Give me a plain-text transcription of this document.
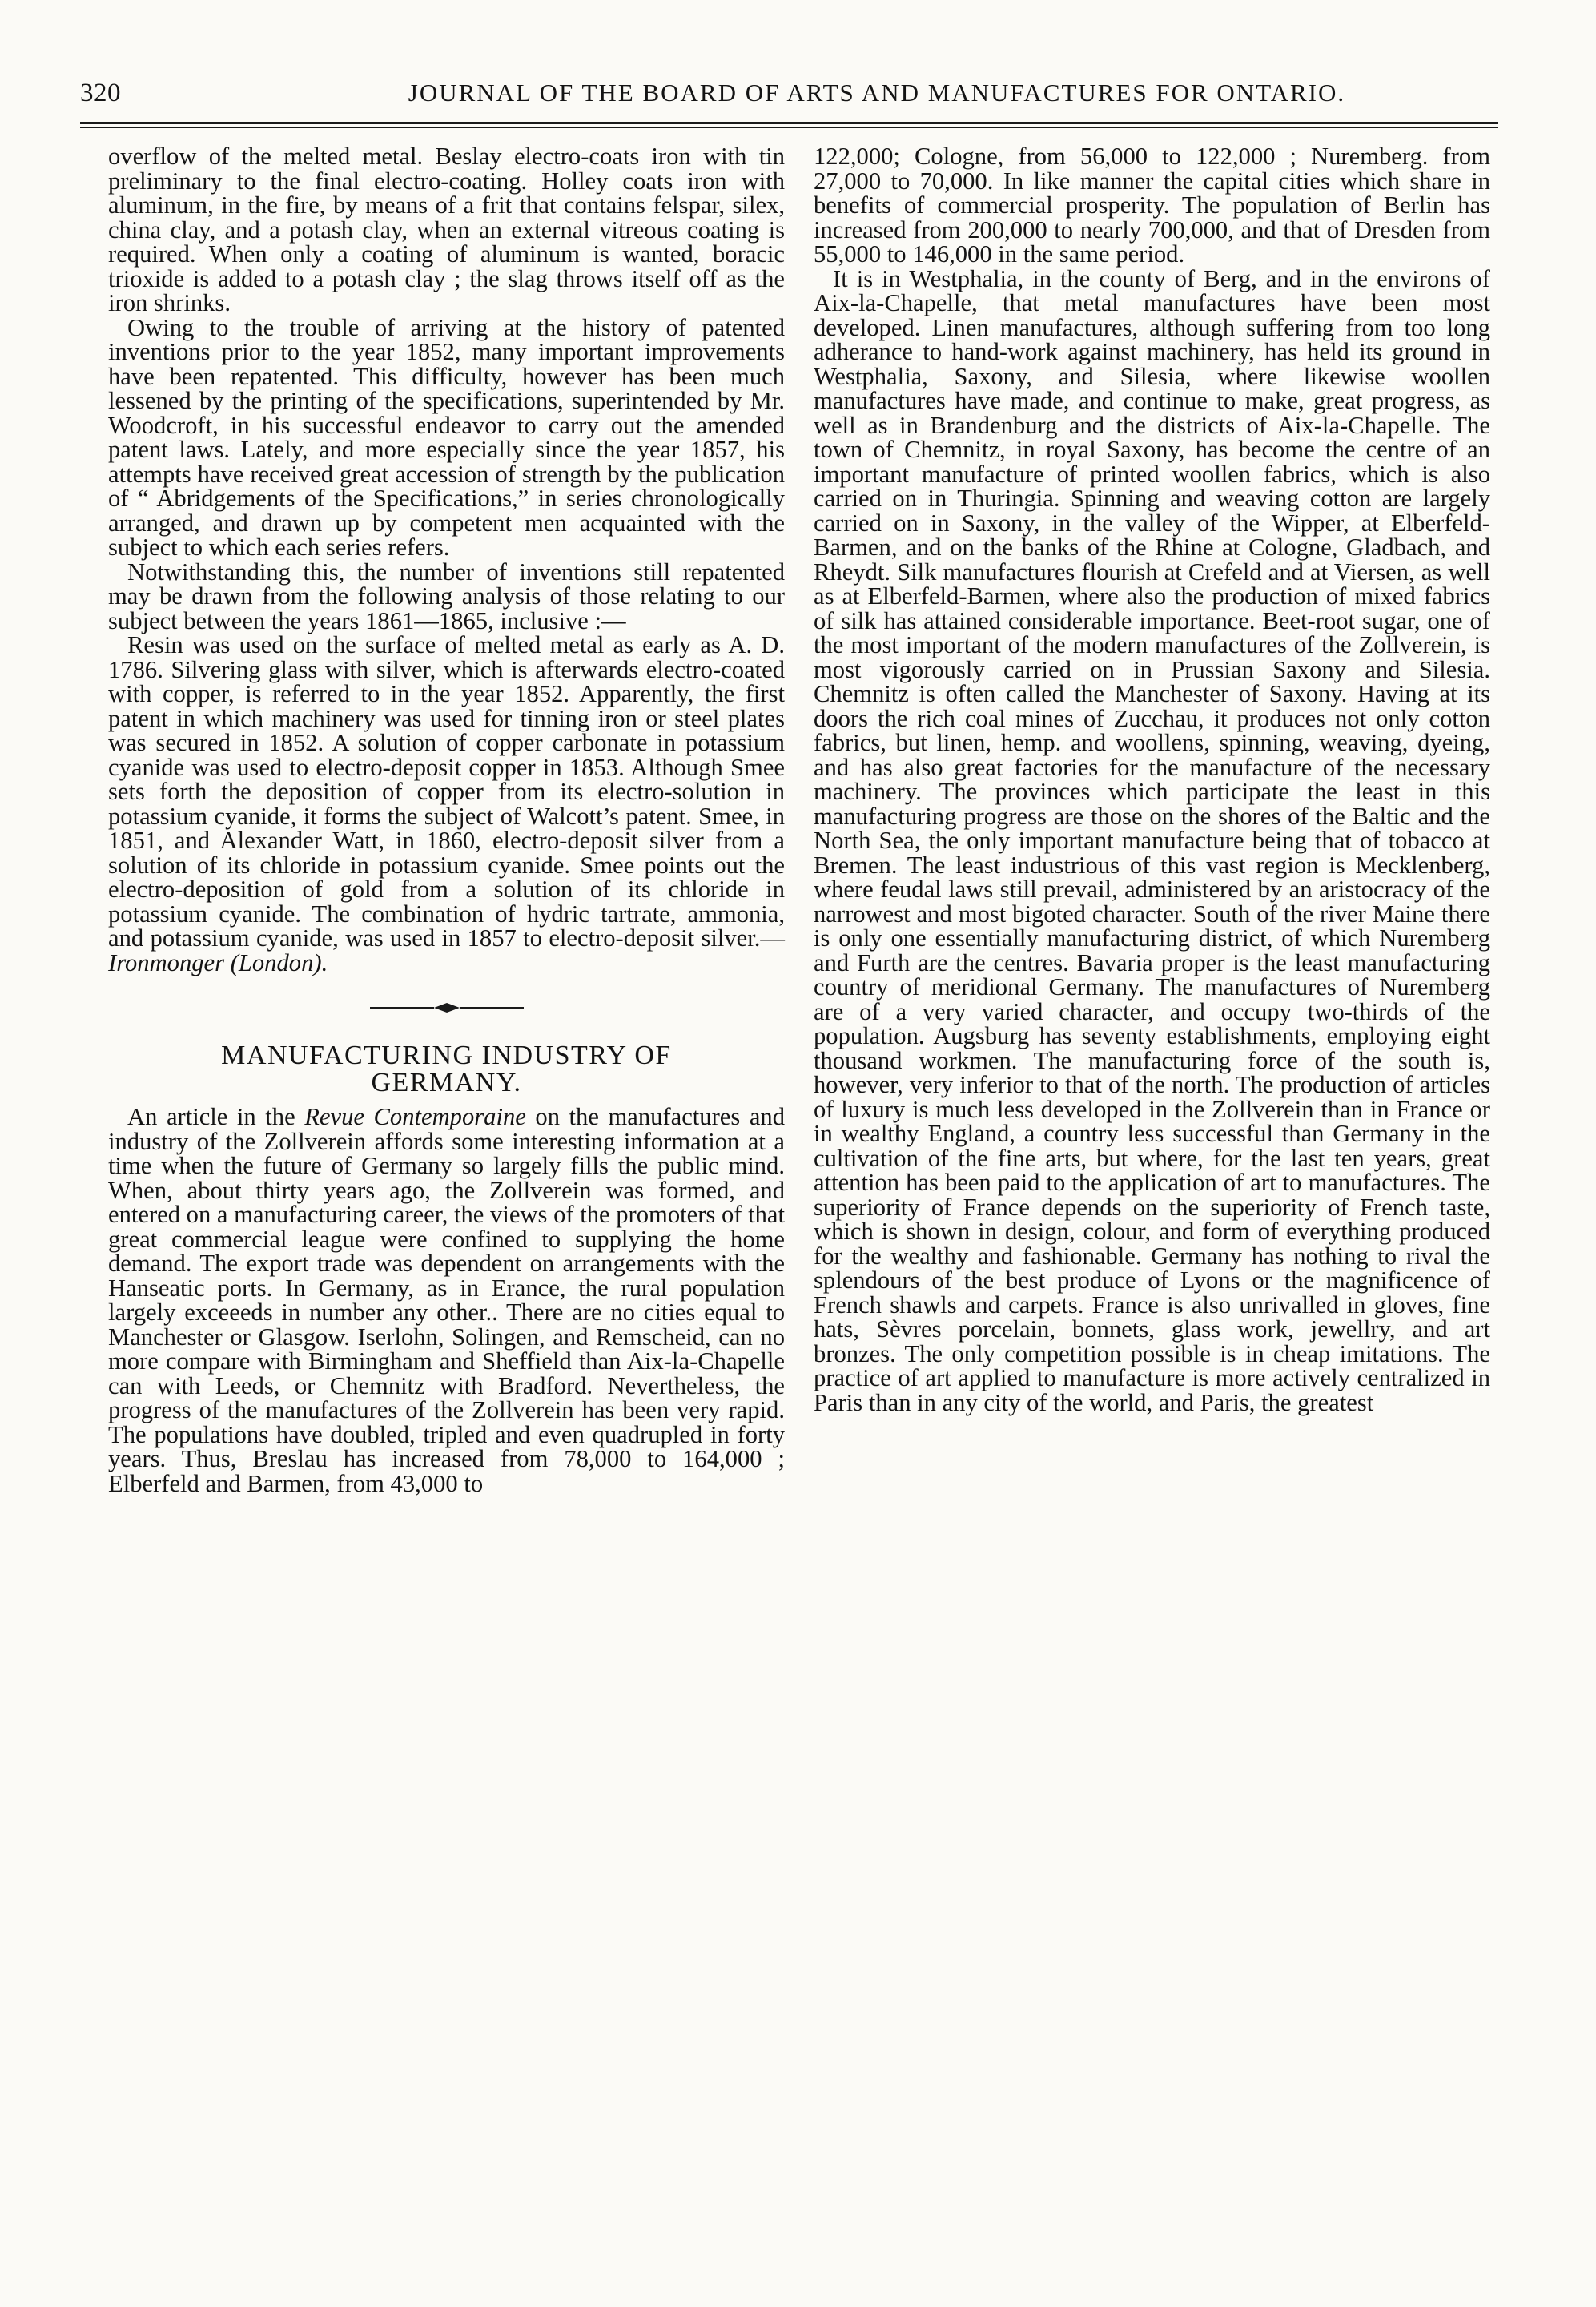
320	JOURNAL OF THE BOARD OF ARTS AND MANUFACTURES FOR ONTARIO.

overflow of the melted metal. Beslay electro-coats iron with tin preliminary to the final electro-coating. Holley coats iron with aluminum, in the fire, by means of a frit that contains felspar, silex, china clay, and a potash clay, when an external vitreous coating is required. When only a coating of aluminum is wanted, boracic trioxide is added to a potash clay ; the slag throws itself off as the iron shrinks.

Owing to the trouble of arriving at the history of patented inventions prior to the year 1852, many important improvements have been repatented. This difficulty, however has been much lessened by the printing of the specifications, superintended by Mr. Woodcroft, in his successful endeavor to carry out the amended patent laws. Lately, and more especially since the year 1857, his attempts have received great accession of strength by the publication of “ Abridgements of the Specifications,” in series chronologically arranged, and drawn up by competent men acquainted with the subject to which each series refers.

Notwithstanding this, the number of inventions still repatented may be drawn from the following analysis of those relating to our subject between the years 1861—1865, inclusive :—

Resin was used on the surface of melted metal as early as A. D. 1786. Silvering glass with silver, which is afterwards electro-coated with copper, is referred to in the year 1852. Apparently, the first patent in which machinery was used for tinning iron or steel plates was secured in 1852. A solution of copper carbonate in potassium cyanide was used to electro-deposit copper in 1853. Although Smee sets forth the deposition of copper from its electro-solution in potassium cyanide, it forms the subject of Walcott’s patent. Smee, in 1851, and Alexander Watt, in 1860, electro-deposit silver from a solution of its chloride in potassium cyanide. Smee points out the electro-deposition of gold from a solution of its chloride in potassium cyanide. The combination of hydric tartrate, ammonia, and potassium cyanide, was used in 1857 to electro-deposit silver.—Ironmonger (London).

MANUFACTURING INDUSTRY OF
GERMANY.

An article in the Revue Contemporaine on the manufactures and industry of the Zollverein affords some interesting information at a time when the future of Germany so largely fills the public mind. When, about thirty years ago, the Zollverein was formed, and entered on a manufacturing career, the views of the promoters of that great commercial league were confined to supplying the home demand. The export trade was dependent on arrangements with the Hanseatic ports. In Germany, as in Erance, the rural population largely exceeeds in number any other.. There are no cities equal to Manchester or Glasgow. Iserlohn, Solingen, and Remscheid, can no more compare with Birmingham and Sheffield than Aix-la-Chapelle can with Leeds, or Chemnitz with Bradford. Nevertheless, the progress of the manufactures of the Zollverein has been very rapid. The populations have doubled, tripled and even quadrupled in forty years. Thus, Breslau has increased from 78,000 to 164,000 ; Elberfeld and Barmen, from 43,000 to

122,000; Cologne, from 56,000 to 122,000 ; Nuremberg. from 27,000 to 70,000. In like manner the capital cities which share in benefits of commercial prosperity. The population of Berlin has increased from 200,000 to nearly 700,000, and that of Dresden from 55,000 to 146,000 in the same period.

It is in Westphalia, in the county of Berg, and in the environs of Aix-la-Chapelle, that metal manufactures have been most developed. Linen manufactures, although suffering from too long adherance to hand-work against machinery, has held its ground in Westphalia, Saxony, and Silesia, where likewise woollen manufactures have made, and continue to make, great progress, as well as in Brandenburg and the districts of Aix-la-Chapelle. The town of Chemnitz, in royal Saxony, has become the centre of an important manufacture of printed woollen fabrics, which is also carried on in Thuringia. Spinning and weaving cotton are largely carried on in Saxony, in the valley of the Wipper, at Elberfeld-Barmen, and on the banks of the Rhine at Cologne, Gladbach, and Rheydt. Silk manufactures flourish at Crefeld and at Viersen, as well as at Elberfeld-Barmen, where also the production of mixed fabrics of silk has attained considerable importance. Beet-root sugar, one of the most important of the modern manufactures of the Zollverein, is most vigorously carried on in Prussian Saxony and Silesia. Chemnitz is often called the Manchester of Saxony. Having at its doors the rich coal mines of Zucchau, it produces not only cotton fabrics, but linen, hemp. and woollens, spinning, weaving, dyeing, and has also great factories for the manufacture of the necessary machinery. The provinces which participate the least in this manufacturing progress are those on the shores of the Baltic and the North Sea, the only important manufacture being that of tobacco at Bremen. The least industrious of this vast region is Mecklenberg, where feudal laws still prevail, administered by an aristocracy of the narrowest and most bigoted character. South of the river Maine there is only one essentially manufacturing district, of which Nuremberg and Furth are the centres. Bavaria proper is the least manufacturing country of meridional Germany. The manufactures of Nuremberg are of a very varied character, and occupy two-thirds of the population. Augsburg has seventy establishments, employing eight thousand workmen. The manufacturing force of the south is, however, very inferior to that of the north. The production of articles of luxury is much less developed in the Zollverein than in France or in wealthy England, a country less successful than Germany in the cultivation of the fine arts, but where, for the last ten years, great attention has been paid to the application of art to manufactures. The superiority of France depends on the superiority of French taste, which is shown in design, colour, and form of everything produced for the wealthy and fashionable. Germany has nothing to rival the splendours of the best produce of Lyons or the magnificence of French shawls and carpets. France is also unrivalled in gloves, fine hats, Sèvres porcelain, bonnets, glass work, jewellry, and art bronzes. The only competition possible is in cheap imitations. The practice of art applied to manufacture is more actively centralized in Paris than in any city of the world, and Paris, the greatest
